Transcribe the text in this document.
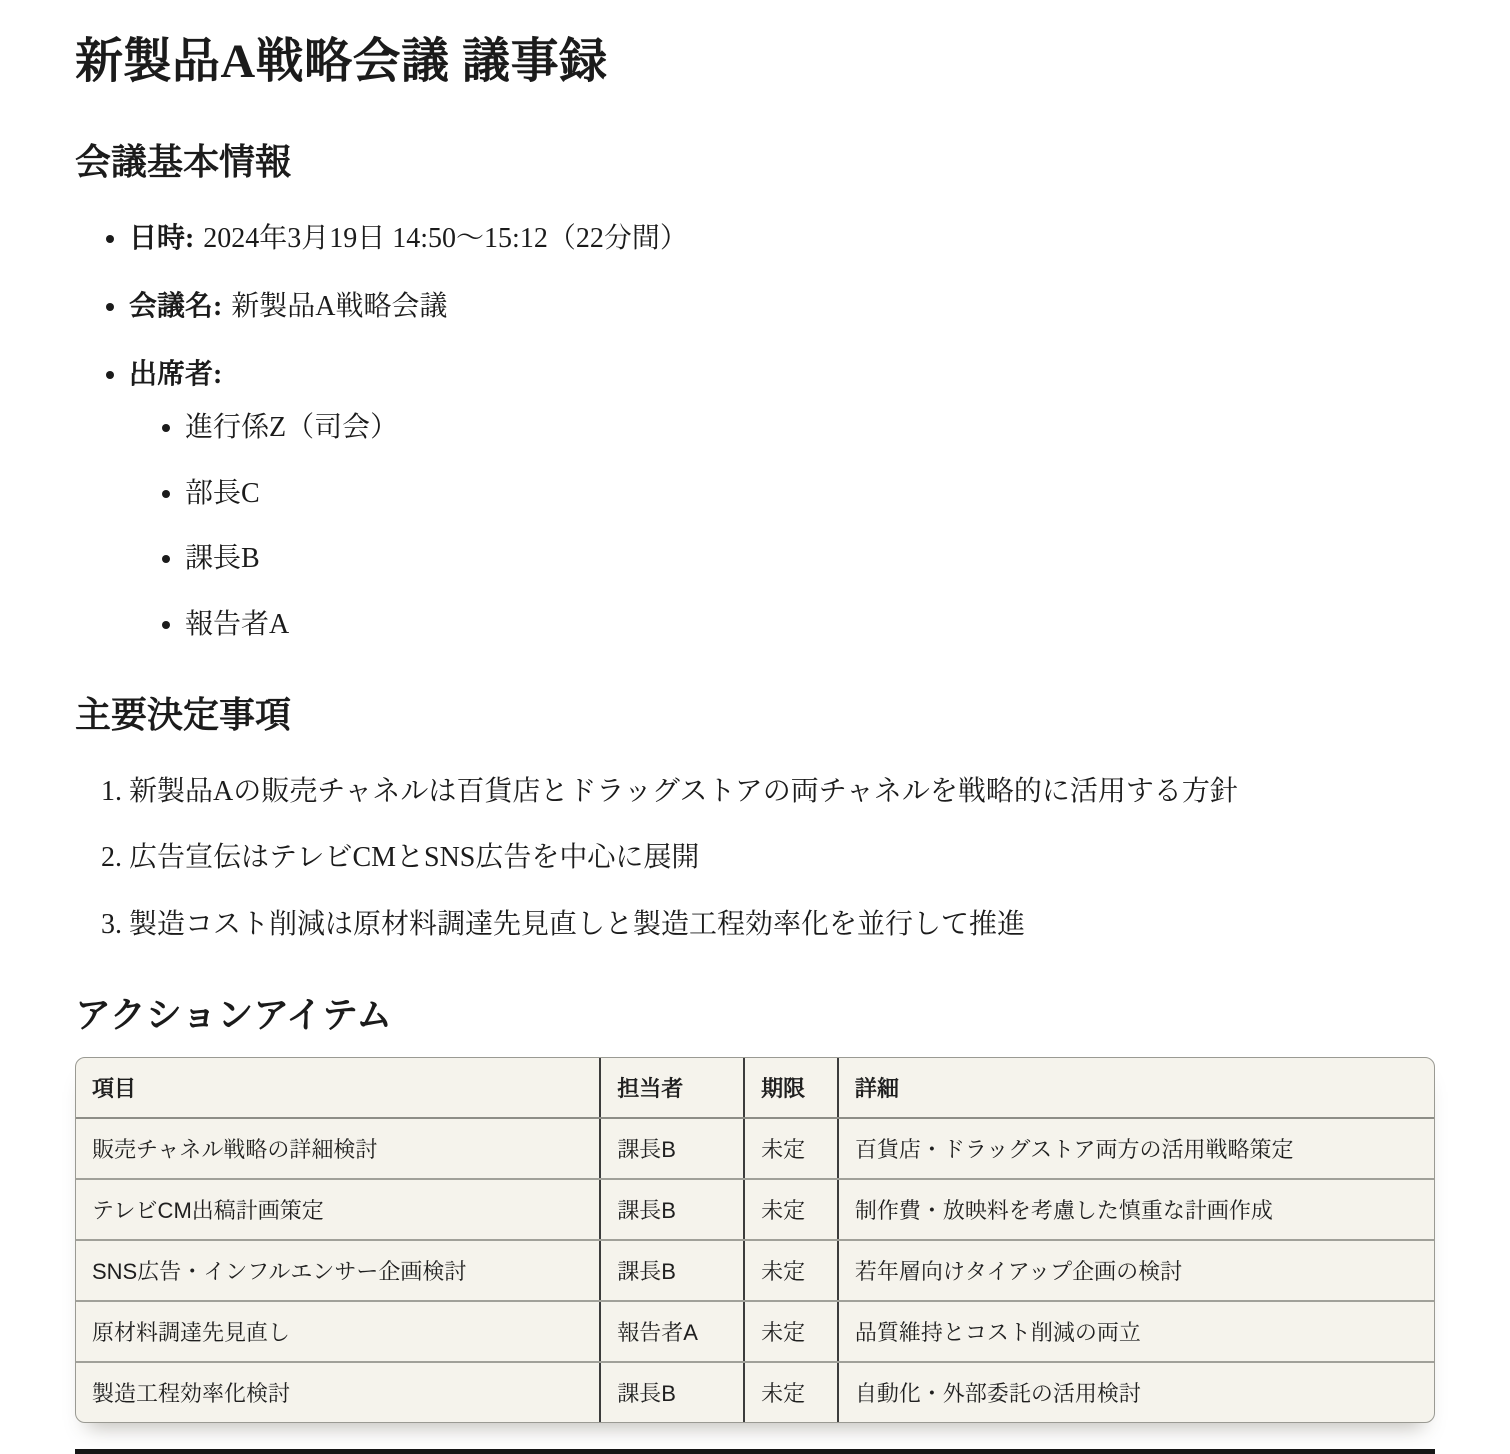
新製品A戦略会議 議事録
会議基本情報
• 日時: 2024年3月19日 14:50〜15:12（22分間）
• 会議名: 新製品A戦略会議
• 出席者:
• 進行係Z（司会）
• 部長C
• 課長B
• 報告者A
主要決定事項
1. 新製品Aの販売チャネルは百貨店とドラッグストアの両チャネルを戦略的に活用する方針
2. 広告宣伝はテレビCMとSNS広告を中心に展開
3. 製造コスト削減は原材料調達先見直しと製造工程効率化を並行して推進
アクションアイテム
項目	担当者	期限	詳細
販売チャネル戦略の詳細検討	課長B	未定	百貨店・ドラッグストア両方の活用戦略策定
テレビCM出稿計画策定	課長B	未定	制作費・放映料を考慮した慎重な計画作成
SNS広告・インフルエンサー企画検討	課長B	未定	若年層向けタイアップ企画の検討
原材料調達先見直し	報告者A	未定	品質維持とコスト削減の両立
製造工程効率化検討	課長B	未定	自動化・外部委託の活用検討
